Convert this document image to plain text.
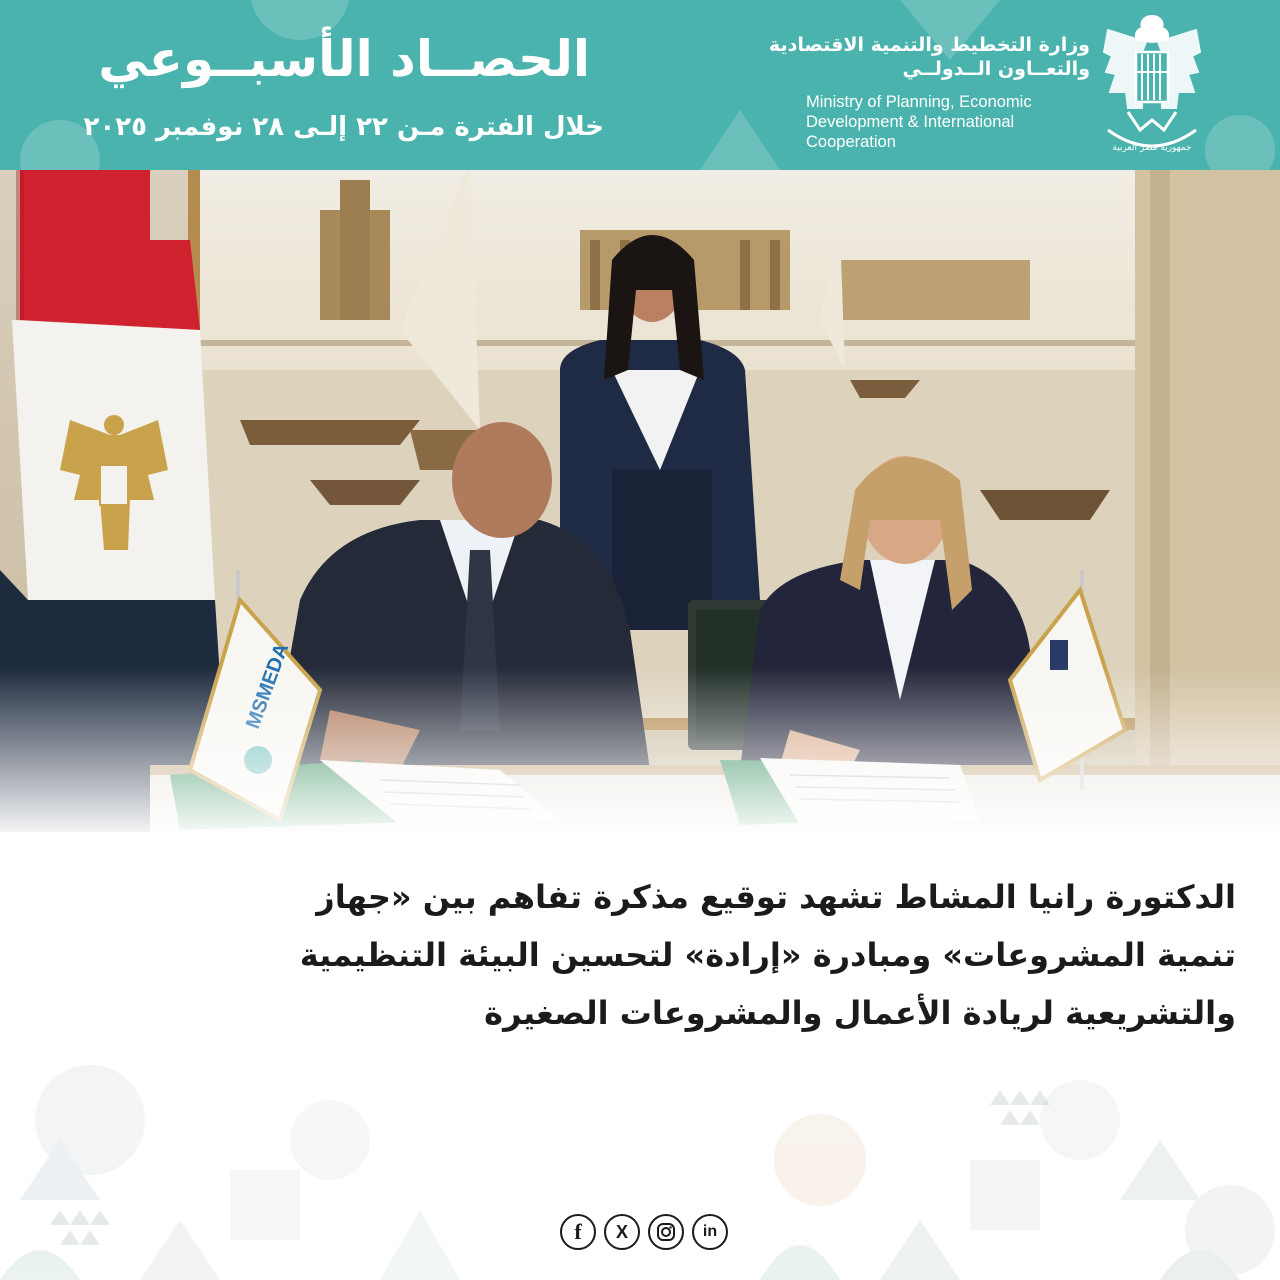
الحصــاد الأسبــوعي
خلال الفترة مـن ٢٢ إلـى ٢٨ نوفمبر ٢٠٢٥
وزارة التخطيط والتنمية الاقتصادية
والتعــاون الــدولــي
Ministry of Planning, Economic
Development & International
Cooperation	جمهورية مصر العربية
الدكتورة رانيا المشاط تشهد توقيع مذكرة تفاهم بين «جهاز
تنمية المشروعات» ومبادرة «إرادة» لتحسين البيئة التنظيمية
والتشريعية لريادة الأعمال والمشروعات الصغيرة
f X	in
